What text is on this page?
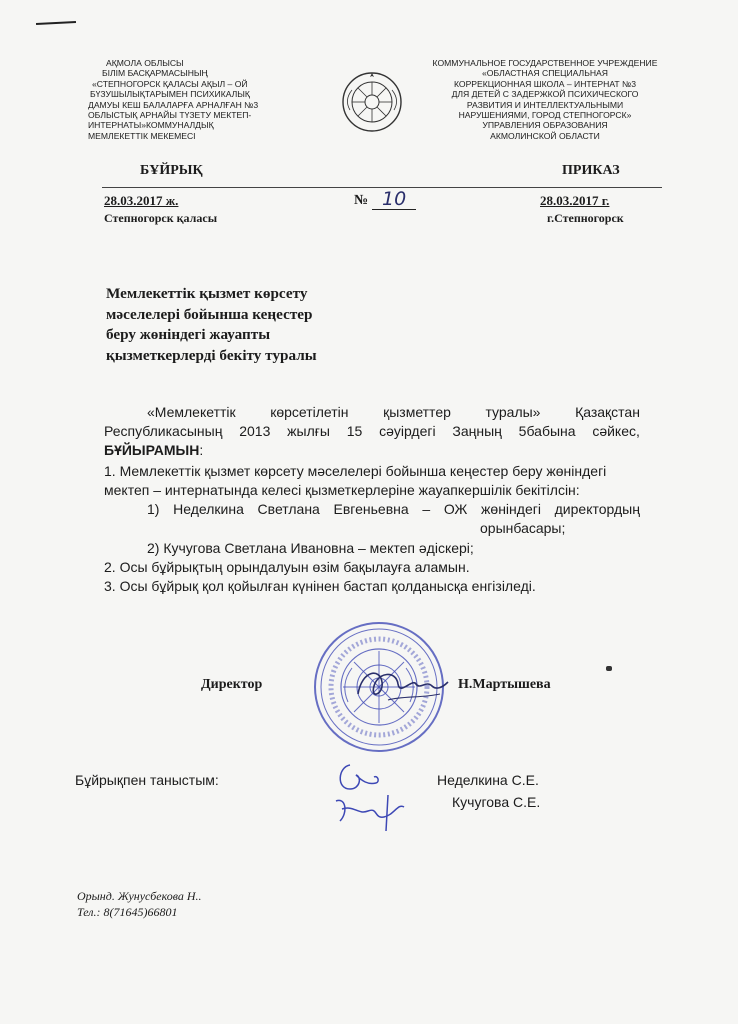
АҚМОЛА ОБЛЫСЫ
БІЛІМ БАСҚАРМАСЫНЫҢ
«СТЕПНОГОРСК ҚАЛАСЫ АҚЫЛ – ОЙ
БҮЗУШЫЛЫҚТАРЫМЕН ПСИХИКАЛЫҚ
ДАМУЫ КЕШ БАЛАЛАРҒА АРНАЛҒАН №3
ОБЛЫСТЫҚ АРНАЙЫ ТҮЗЕТУ МЕКТЕП-
ИНТЕРНАТЫ»КОММУНАЛДЫҚ
МЕМЛЕКЕТТІК МЕКЕМЕСІ
КОММУНАЛЬНОЕ ГОСУДАРСТВЕННОЕ УЧРЕЖДЕНИЕ
«ОБЛАСТНАЯ СПЕЦИАЛЬНАЯ
КОРРЕКЦИОННАЯ ШКОЛА – ИНТЕРНАТ №3
ДЛЯ ДЕТЕЙ С ЗАДЕРЖКОЙ ПСИХИЧЕСКОГО
РАЗВИТИЯ И ИНТЕЛЛЕКТУАЛЬНЫМИ
НАРУШЕНИЯМИ, ГОРОД СТЕПНОГОРСК»
УПРАВЛЕНИЯ ОБРАЗОВАНИЯ
АКМОЛИНСКОЙ ОБЛАСТИ
БҰЙРЫҚ	ПРИКАЗ
28.03.2017 ж.	№ 10	28.03.2017 г.
Степногорск қаласы	г.Степногорск
Мемлекеттік қызмет көрсету
мәселелері бойынша кеңестер
беру жөніндегі жауапты
қызметкерлерді бекіту туралы
«Мемлекеттік көрсетілетін қызметтер туралы» Қазақстан
Республикасының 2013 жылғы 15 сәуірдегі Заңның 5бабына сәйкес,
БҰЙЫРАМЫН:
1. Мемлекеттік қызмет көрсету мәселелері бойынша кеңестер беру жөніндегі
мектеп – интернатында келесі қызметкерлеріне жауапкершілік бекітілсін:
1) Неделкина Светлана Евгеньевна – ОЖ жөніндегі директордың
орынбасары;
2) Кучугова Светлана Ивановна – мектеп әдіскері;
2. Осы бұйрықтың орындалуын өзім бақылауға аламын.
3. Осы бұйрық қол қойылған күнінен бастап қолданысқа енгізіледі.
Директор	Н.Мартышева
Бұйрықпен таныстым:	Неделкина С.Е.
Кучугова С.Е.
Орынд. Жунусбекова Н..
Тел.: 8(71645)66801
